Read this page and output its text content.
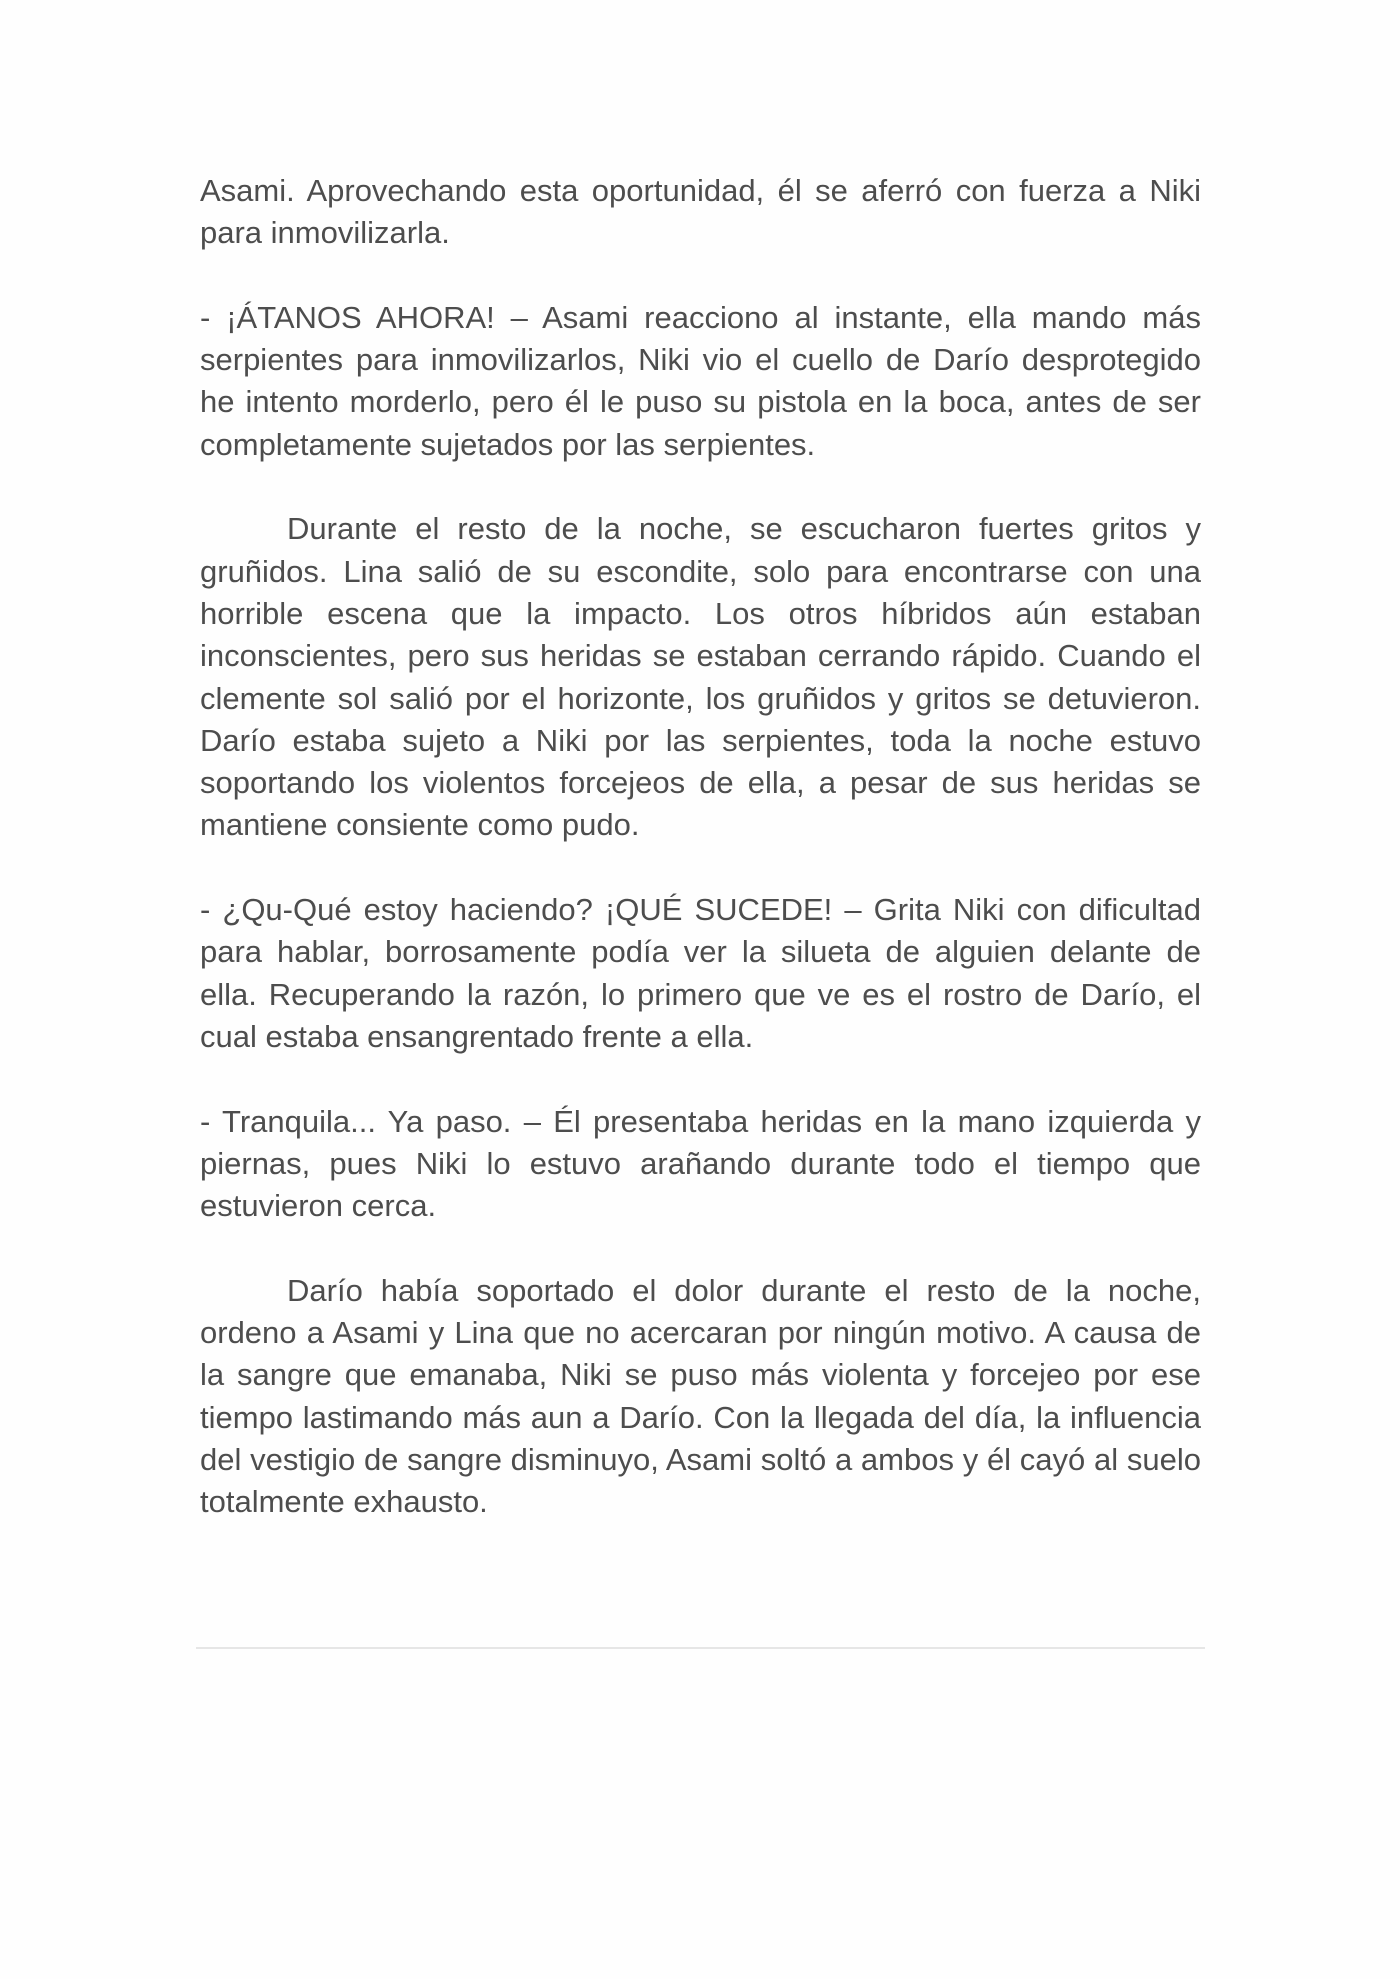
Asami. Aprovechando esta oportunidad, él se aferró con fuerza a Niki para inmovilizarla.

- ¡ÁTANOS AHORA! – Asami reacciono al instante, ella mando más serpientes para inmovilizarlos, Niki vio el cuello de Darío desprotegido he intento morderlo, pero él le puso su pistola en la boca, antes de ser completamente sujetados por las serpientes.

Durante el resto de la noche, se escucharon fuertes gritos y gruñidos. Lina salió de su escondite, solo para encontrarse con una horrible escena que la impacto. Los otros híbridos aún estaban inconscientes, pero sus heridas se estaban cerrando rápido. Cuando el clemente sol salió por el horizonte, los gruñidos y gritos se detuvieron. Darío estaba sujeto a Niki por las serpientes, toda la noche estuvo soportando los violentos forcejeos de ella, a pesar de sus heridas se mantiene consiente como pudo.

- ¿Qu-Qué estoy haciendo? ¡QUÉ SUCEDE! – Grita Niki con dificultad para hablar, borrosamente podía ver la silueta de alguien delante de ella. Recuperando la razón, lo primero que ve es el rostro de Darío, el cual estaba ensangrentado frente a ella.

- Tranquila... Ya paso. – Él presentaba heridas en la mano izquierda y piernas, pues Niki lo estuvo arañando durante todo el tiempo que estuvieron cerca.

Darío había soportado el dolor durante el resto de la noche, ordeno a Asami y Lina que no acercaran por ningún motivo. A causa de la sangre que emanaba, Niki se puso más violenta y forcejeo por ese tiempo lastimando más aun a Darío. Con la llegada del día, la influencia del vestigio de sangre disminuyo, Asami soltó a ambos y él cayó al suelo totalmente exhausto.
